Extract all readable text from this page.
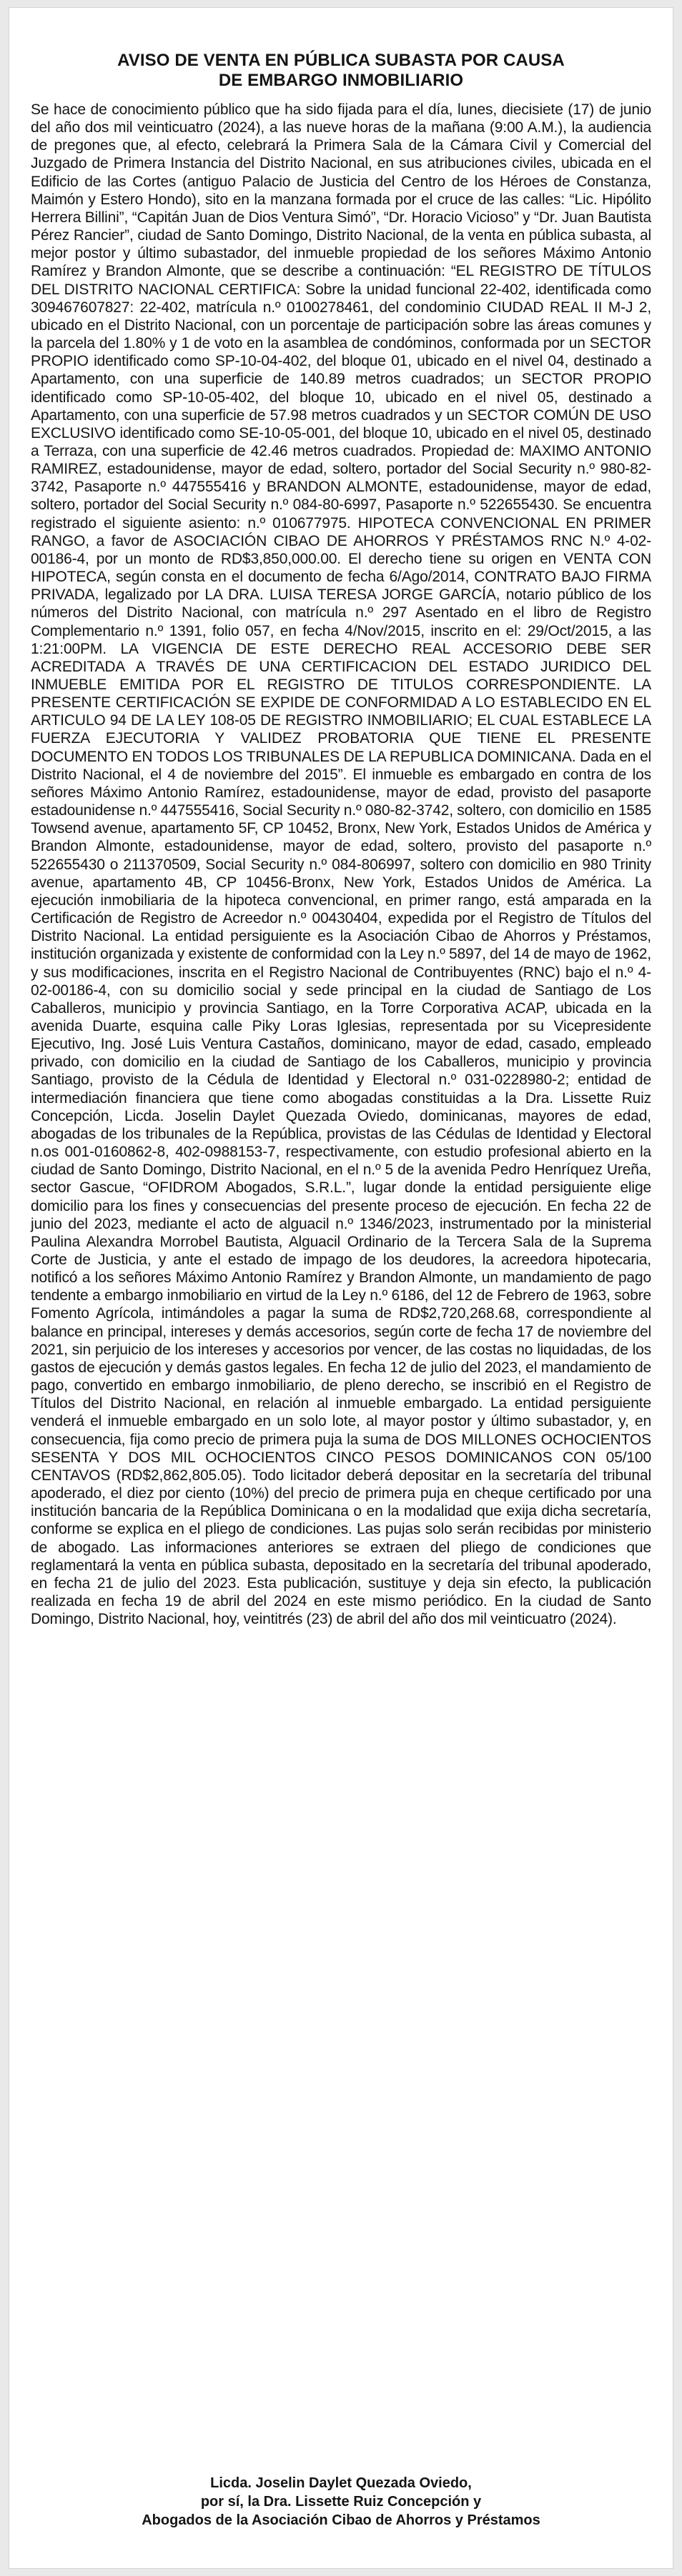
AVISO DE VENTA EN PÚBLICA SUBASTA POR CAUSA
DE EMBARGO INMOBILIARIO

Se hace de conocimiento público que ha sido fijada para el día, lunes, diecisiete (17) de junio del año dos mil veinticuatro (2024), a las nueve horas de la mañana (9:00 A.M.), la audiencia de pregones que, al efecto, celebrará la Primera Sala de la Cámara Civil y Comercial del Juzgado de Primera Instancia del Distrito Nacional, en sus atribuciones civiles, ubicada en el Edificio de las Cortes (antiguo Palacio de Justicia del Centro de los Héroes de Constanza, Maimón y Estero Hondo), sito en la manzana formada por el cruce de las calles: “Lic. Hipólito Herrera Billini”, “Capitán Juan de Dios Ventura Simó”, “Dr. Horacio Vicioso” y “Dr. Juan Bautista Pérez Rancier”, ciudad de Santo Domingo, Distrito Nacional, de la venta en pública subasta, al mejor postor y último subastador, del inmueble propiedad de los señores Máximo Antonio Ramírez y Brandon Almonte, que se describe a continuación: “EL REGISTRO DE TÍTULOS DEL DISTRITO NACIONAL CERTIFICA: Sobre la unidad funcional 22-402, identificada como 309467607827: 22-402, matrícula n.º 0100278461, del condominio CIUDAD REAL II M-J 2, ubicado en el Distrito Nacional, con un porcentaje de participación sobre las áreas comunes y la parcela del 1.80% y 1 de voto en la asamblea de condóminos, conformada por un SECTOR PROPIO identificado como SP-10-04-402, del bloque 01, ubicado en el nivel 04, destinado a Apartamento, con una superficie de 140.89 metros cuadrados; un SECTOR PROPIO identificado como SP-10-05-402, del bloque 10, ubicado en el nivel 05, destinado a Apartamento, con una superficie de 57.98 metros cuadrados y un SECTOR COMÚN DE USO EXCLUSIVO identificado como SE-10-05-001, del bloque 10, ubicado en el nivel 05, destinado a Terraza, con una superficie de 42.46 metros cuadrados. Propiedad de: MAXIMO ANTONIO RAMIREZ, estadounidense, mayor de edad, soltero, portador del Social Security n.º 980-82-3742, Pasaporte n.º 447555416 y BRANDON ALMONTE, estadounidense, mayor de edad, soltero, portador del Social Security n.º 084-80-6997, Pasaporte n.º 522655430. Se encuentra registrado el siguiente asiento: n.º 010677975. HIPOTECA CONVENCIONAL EN PRIMER RANGO, a favor de ASOCIACIÓN CIBAO DE AHORROS Y PRÉSTAMOS RNC N.º 4-02-00186-4, por un monto de RD$3,850,000.00. El derecho tiene su origen en VENTA CON HIPOTECA, según consta en el documento de fecha 6/Ago/2014, CONTRATO BAJO FIRMA PRIVADA, legalizado por LA DRA. LUISA TERESA JORGE GARCÍA, notario público de los números del Distrito Nacional, con matrícula n.º 297 Asentado en el libro de Registro Complementario n.º 1391, folio 057, en fecha 4/Nov/2015, inscrito en el: 29/Oct/2015, a las 1:21:00PM. LA VIGENCIA DE ESTE DERECHO REAL ACCESORIO DEBE SER ACREDITADA A TRAVÉS DE UNA CERTIFICACION DEL ESTADO JURIDICO DEL INMUEBLE EMITIDA POR EL REGISTRO DE TITULOS CORRESPONDIENTE. LA PRESENTE CERTIFICACIÓN SE EXPIDE DE CONFORMIDAD A LO ESTABLECIDO EN EL ARTICULO 94 DE LA LEY 108-05 DE REGISTRO INMOBILIARIO; EL CUAL ESTABLECE LA FUERZA EJECUTORIA Y VALIDEZ PROBATORIA QUE TIENE EL PRESENTE DOCUMENTO EN TODOS LOS TRIBUNALES DE LA REPUBLICA DOMINICANA. Dada en el Distrito Nacional, el 4 de noviembre del 2015”. El inmueble es embargado en contra de los señores Máximo Antonio Ramírez, estadounidense, mayor de edad, provisto del pasaporte estadounidense n.º 447555416, Social Security n.º 080-82-3742, soltero, con domicilio en 1585 Towsend avenue, apartamento 5F, CP 10452, Bronx, New York, Estados Unidos de América y Brandon Almonte, estadounidense, mayor de edad, soltero, provisto del pasaporte n.º 522655430 o 211370509, Social Security n.º 084-806997, soltero con domicilio en 980 Trinity avenue, apartamento 4B, CP 10456-Bronx, New York, Estados Unidos de América. La ejecución inmobiliaria de la hipoteca convencional, en primer rango, está amparada en la Certificación de Registro de Acreedor n.º 00430404, expedida por el Registro de Títulos del Distrito Nacional. La entidad persiguiente es la Asociación Cibao de Ahorros y Préstamos, institución organizada y existente de conformidad con la Ley n.º 5897, del 14 de mayo de 1962, y sus modificaciones, inscrita en el Registro Nacional de Contribuyentes (RNC) bajo el n.º 4-02-00186-4, con su domicilio social y sede principal en la ciudad de Santiago de Los Caballeros, municipio y provincia Santiago, en la Torre Corporativa ACAP, ubicada en la avenida Duarte, esquina calle Piky Loras Iglesias, representada por su Vicepresidente Ejecutivo, Ing. José Luis Ventura Castaños, dominicano, mayor de edad, casado, empleado privado, con domicilio en la ciudad de Santiago de los Caballeros, municipio y provincia Santiago, provisto de la Cédula de Identidad y Electoral n.º 031-0228980-2; entidad de intermediación financiera que tiene como abogadas constituidas a la Dra. Lissette Ruiz Concepción, Licda. Joselin Daylet Quezada Oviedo, dominicanas, mayores de edad, abogadas de los tribunales de la República, provistas de las Cédulas de Identidad y Electoral n.os 001-0160862-8, 402-0988153-7, respectivamente, con estudio profesional abierto en la ciudad de Santo Domingo, Distrito Nacional, en el n.º 5 de la avenida Pedro Henríquez Ureña, sector Gascue, “OFIDROM Abogados, S.R.L.”, lugar donde la entidad persiguiente elige domicilio para los fines y consecuencias del presente proceso de ejecución. En fecha 22 de junio del 2023, mediante el acto de alguacil n.º 1346/2023, instrumentado por la ministerial Paulina Alexandra Morrobel Bautista, Alguacil Ordinario de la Tercera Sala de la Suprema Corte de Justicia, y ante el estado de impago de los deudores, la acreedora hipotecaria, notificó a los señores Máximo Antonio Ramírez y Brandon Almonte, un mandamiento de pago tendente a embargo inmobiliario en virtud de la Ley n.º 6186, del 12 de Febrero de 1963, sobre Fomento Agrícola, intimándoles a pagar la suma de RD$2,720,268.68, correspondiente al balance en principal, intereses y demás accesorios, según corte de fecha 17 de noviembre del 2021, sin perjuicio de los intereses y accesorios por vencer, de las costas no liquidadas, de los gastos de ejecución y demás gastos legales. En fecha 12 de julio del 2023, el mandamiento de pago, convertido en embargo inmobiliario, de pleno derecho, se inscribió en el Registro de Títulos del Distrito Nacional, en relación al inmueble embargado. La entidad persiguiente venderá el inmueble embargado en un solo lote, al mayor postor y último subastador, y, en consecuencia, fija como precio de primera puja la suma de DOS MILLONES OCHOCIENTOS SESENTA Y DOS MIL OCHOCIENTOS CINCO PESOS DOMINICANOS CON 05/100 CENTAVOS (RD$2,862,805.05). Todo licitador deberá depositar en la secretaría del tribunal apoderado, el diez por ciento (10%) del precio de primera puja en cheque certificado por una institución bancaria de la República Dominicana o en la modalidad que exija dicha secretaría, conforme se explica en el pliego de condiciones. Las pujas solo serán recibidas por ministerio de abogado. Las informaciones anteriores se extraen del pliego de condiciones que reglamentará la venta en pública subasta, depositado en la secretaría del tribunal apoderado, en fecha 21 de julio del 2023. Esta publicación, sustituye y deja sin efecto, la publicación realizada en fecha 19 de abril del 2024 en este mismo periódico. En la ciudad de Santo Domingo, Distrito Nacional, hoy, veintitrés (23) de abril del año dos mil veinticuatro (2024).

Licda. Joselin Daylet Quezada Oviedo,
por sí, la Dra. Lissette Ruiz Concepción y
Abogados de la Asociación Cibao de Ahorros y Préstamos
